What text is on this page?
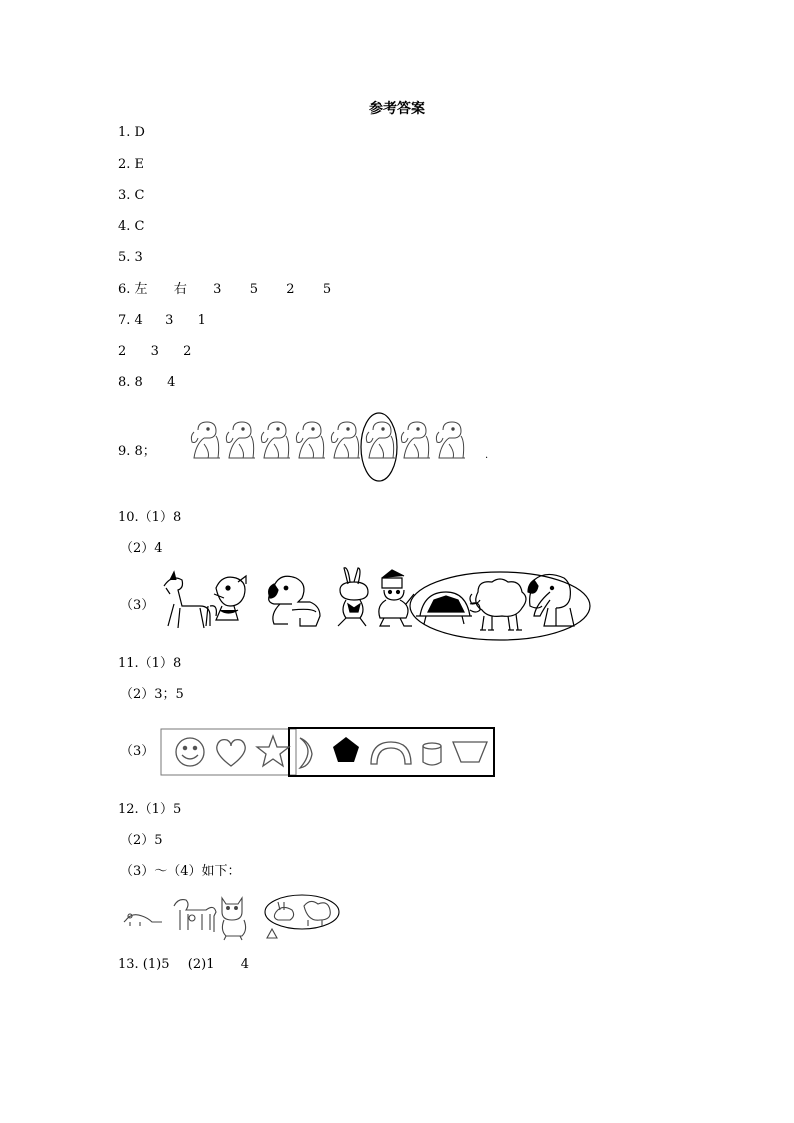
参考答案
1. D
2. E
3. C
4. C
5. 3
6. 左 右 3 5 2 5
7. 4 3 1
2 3 2
8. 8 4
9. 8；	.
10.（1）8
（2）4
（3）
11.（1）8
（2）3；5
（3）
12.（1）5
（2）5
（3）～（4）如下：
13. (1)5 (2)1 4
